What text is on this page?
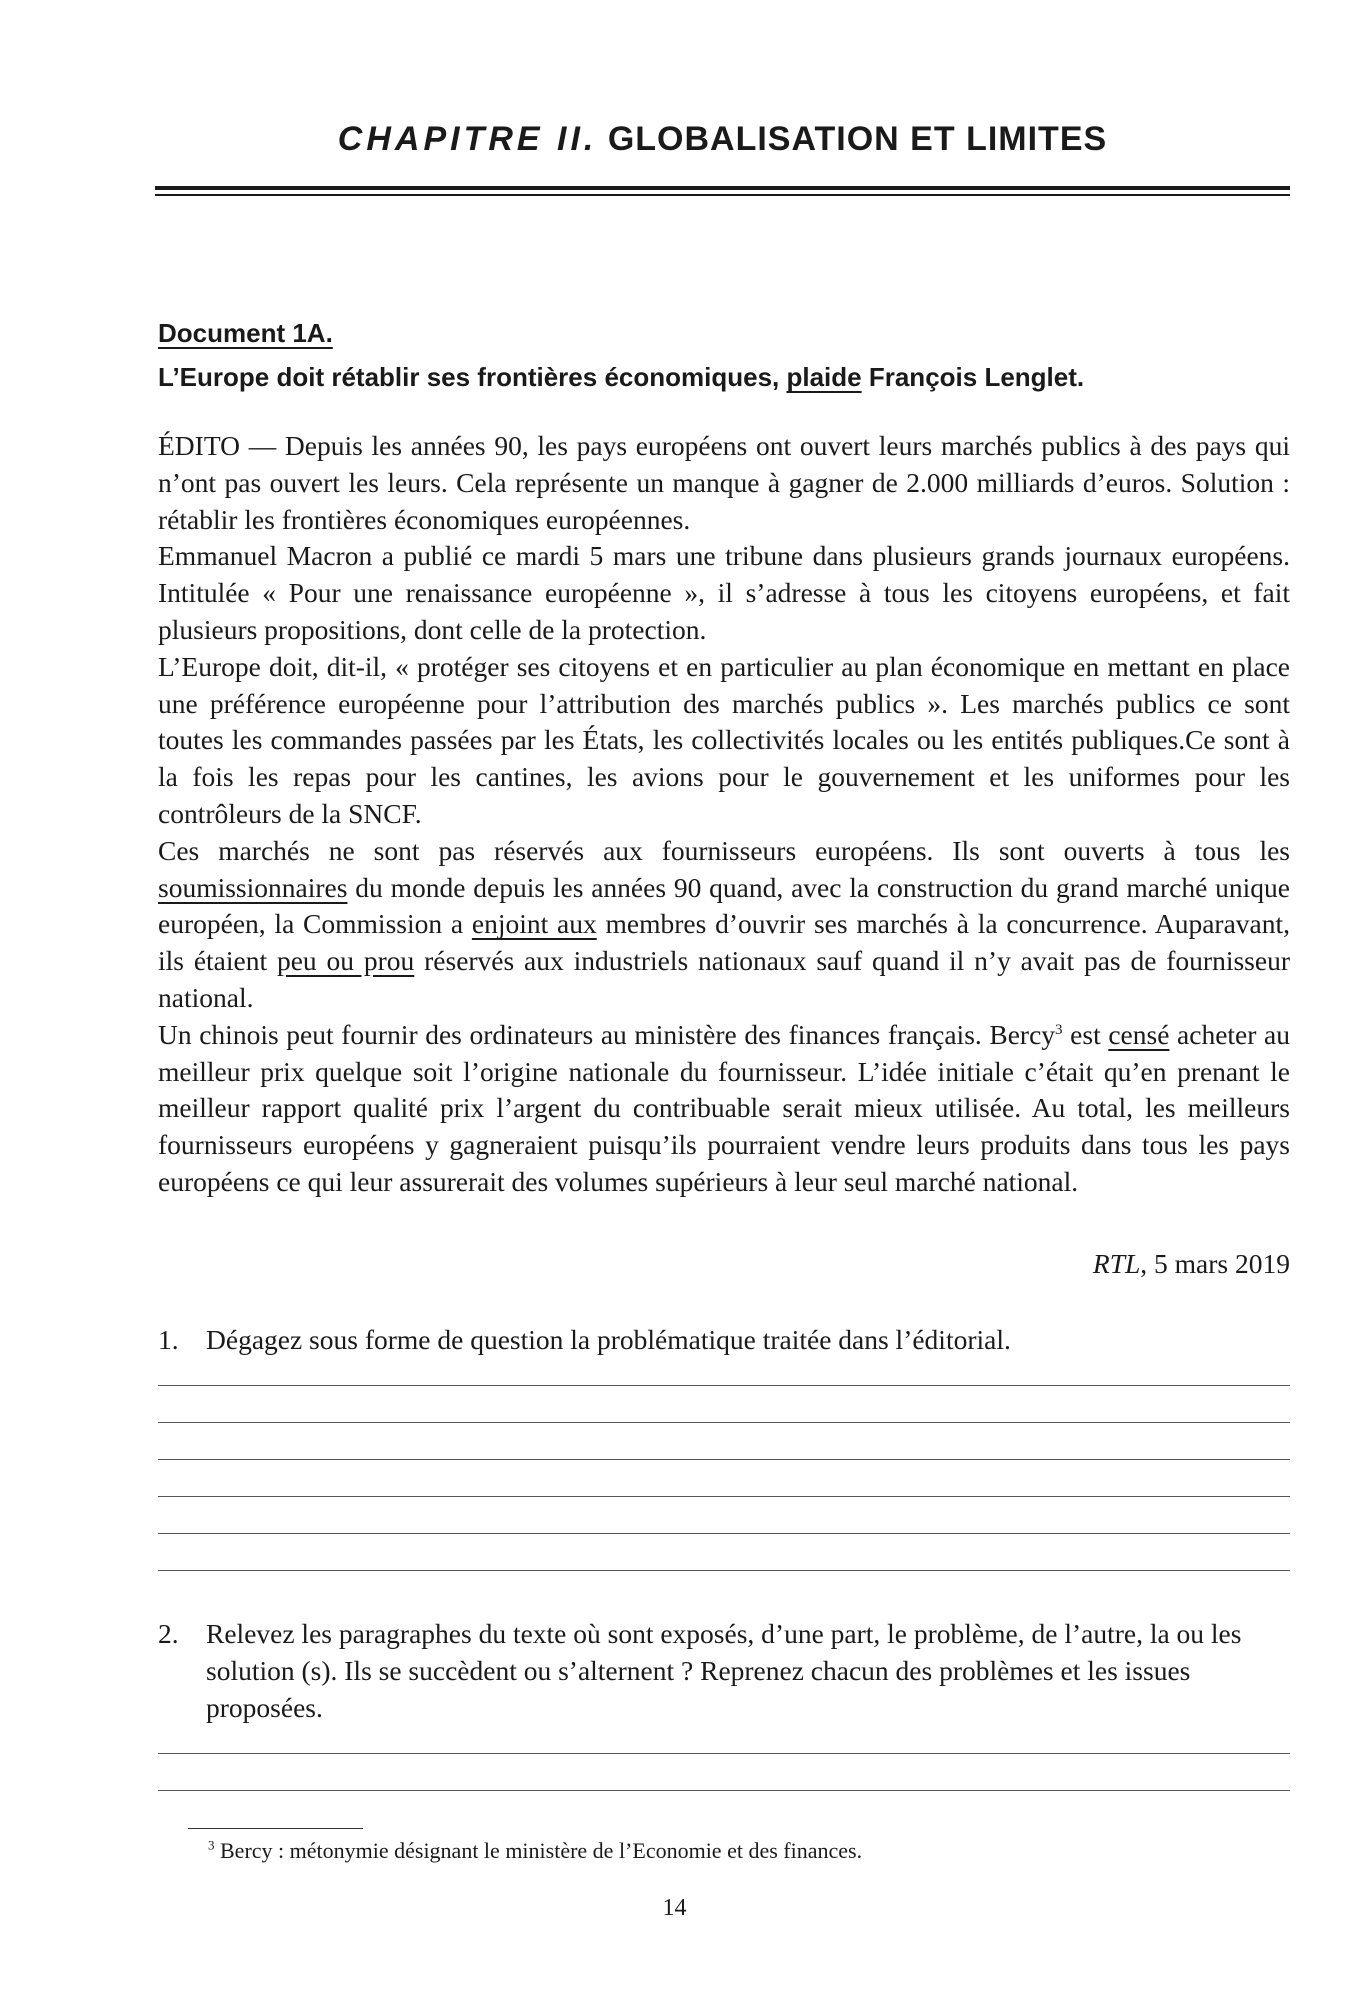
CHAPITRE II. GLOBALISATION ET LIMITES
Document 1A.
L’Europe doit rétablir ses frontières économiques, plaide François Lenglet.

ÉDITO — Depuis les années 90, les pays européens ont ouvert leurs marchés publics à des pays qui n’ont pas ouvert les leurs. Cela représente un manque à gagner de 2.000 milliards d’euros. Solution : rétablir les frontières économiques européennes.

Emmanuel Macron a publié ce mardi 5 mars une tribune dans plusieurs grands journaux européens. Intitulée « Pour une renaissance européenne », il s’adresse à tous les citoyens européens, et fait plusieurs propositions, dont celle de la protection.

L’Europe doit, dit-il, « protéger ses citoyens et en particulier au plan économique en mettant en place une préférence européenne pour l’attribution des marchés publics ». Les marchés publics ce sont toutes les commandes passées par les États, les collectivités locales ou les entités publiques.Ce sont à la fois les repas pour les cantines, les avions pour le gouvernement et les uniformes pour les contrôleurs de la SNCF.

Ces marchés ne sont pas réservés aux fournisseurs européens. Ils sont ouverts à tous les soumissionnaires du monde depuis les années 90 quand, avec la construction du grand marché unique européen, la Commission a enjoint aux membres d’ouvrir ses marchés à la concurrence. Auparavant, ils étaient peu ou prou réservés aux industriels nationaux sauf quand il n’y avait pas de fournisseur national.

Un chinois peut fournir des ordinateurs au ministère des finances français. Bercy$^3$ est censé acheter au meilleur prix quelque soit l’origine nationale du fournisseur. L’idée initiale c’était qu’en prenant le meilleur rapport qualité prix l’argent du contribuable serait mieux utilisée. Au total, les meilleurs fournisseurs européens y gagneraient puisqu’ils pourraient vendre leurs produits dans tous les pays européens ce qui leur assurerait des volumes supérieurs à leur seul marché national.

RTL, 5 mars 2019
1. Dégagez sous forme de question la problématique traitée dans l’éditorial.
2. Relevez les paragraphes du texte où sont exposés, d’une part, le problème, de l’autre, la ou les solution (s). Ils se succèdent ou s’alternent ? Reprenez chacun des problèmes et les issues proposées.
$^3$ Bercy : métonymie désignant le ministère de l’Economie et des finances.
14
